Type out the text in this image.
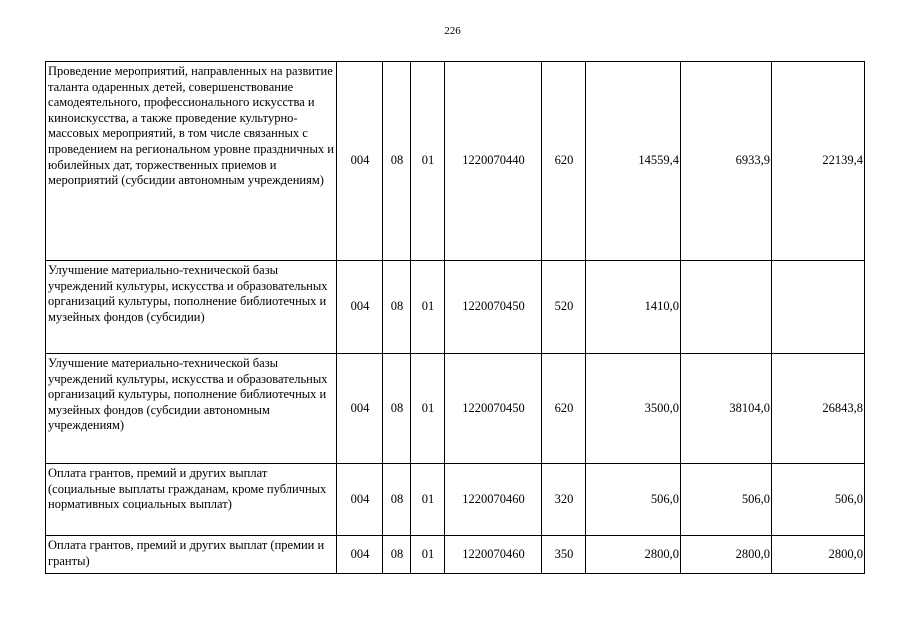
226
Проведение мероприятий, направленных на развитие таланта одаренных детей, совершенствование самодеятельного, профессионального искусства и киноискусства, а также проведение культурно-массовых мероприятий, в том числе связанных с проведением на региональном уровне праздничных и юбилейных дат, торжественных приемов и мероприятий (субсидии автономным учреждениям)	004	08	01	1220070440	620	14559,4	6933,9	22139,4
Улучшение материально-технической базы учреждений культуры, искусства и образовательных организаций культуры, пополнение библиотечных и музейных фондов (субсидии)	004	08	01	1220070450	520	1410,0		
Улучшение материально-технической базы учреждений культуры, искусства и образовательных организаций культуры, пополнение библиотечных и музейных фондов (субсидии автономным учреждениям)	004	08	01	1220070450	620	3500,0	38104,0	26843,8
Оплата грантов, премий и других выплат (социальные выплаты гражданам, кроме публичных нормативных социальных выплат)	004	08	01	1220070460	320	506,0	506,0	506,0
Оплата грантов, премий и других выплат (премии и гранты)	004	08	01	1220070460	350	2800,0	2800,0	2800,0
